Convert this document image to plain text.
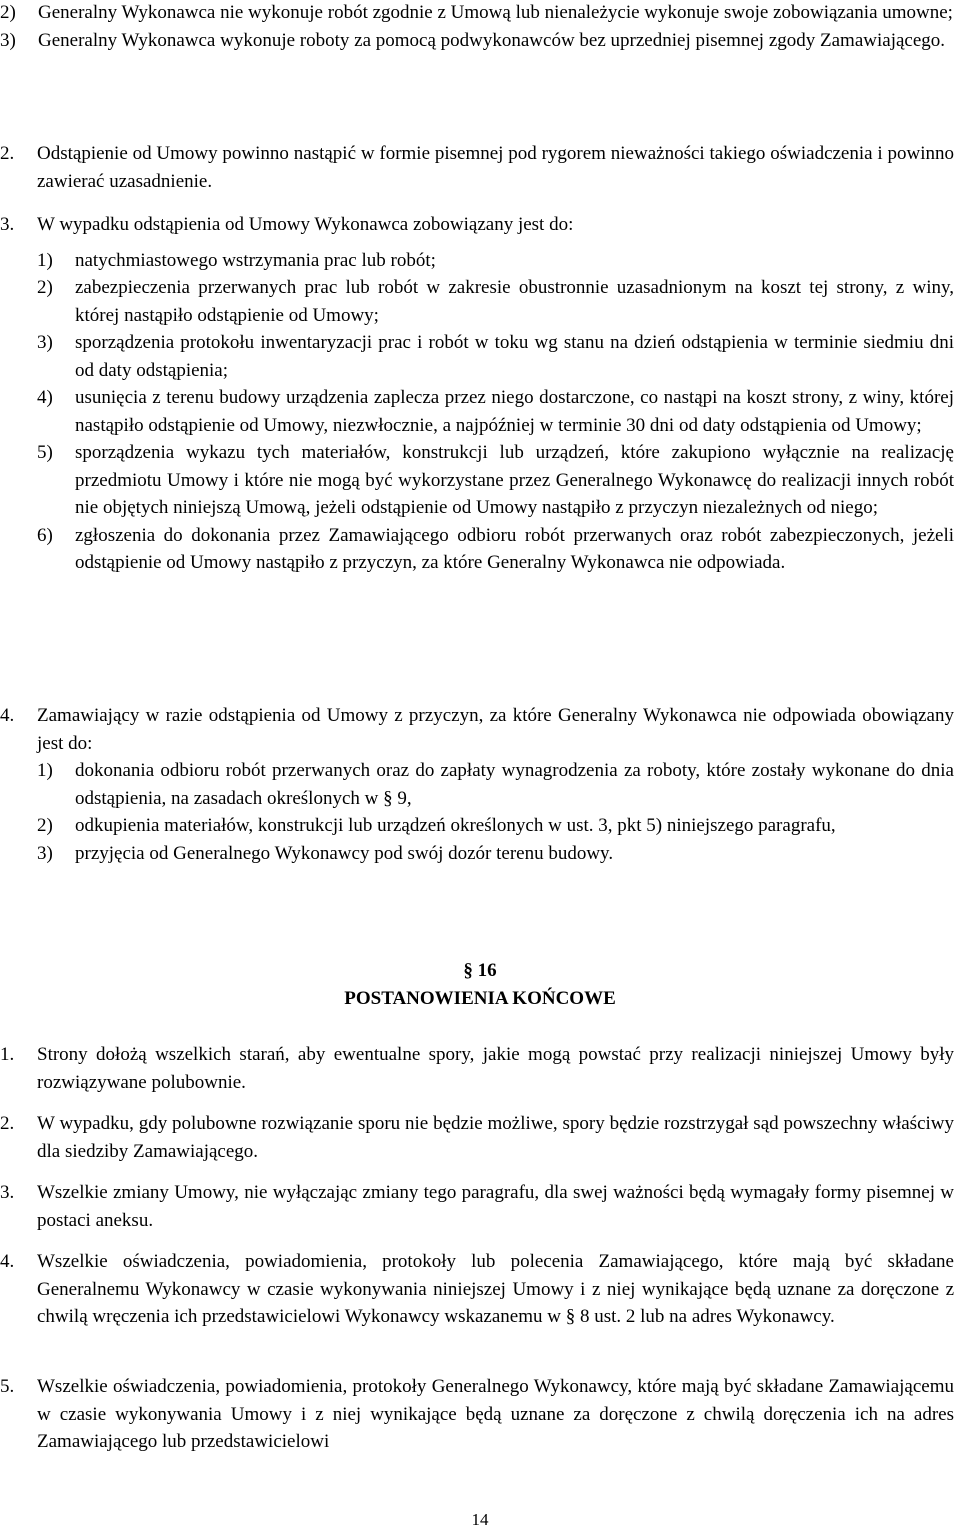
2)	Generalny Wykonawca nie wykonuje robót zgodnie z Umową lub nienależycie wykonuje swoje zobowiązania umowne;
3)	Generalny Wykonawca wykonuje roboty za pomocą podwykonawców bez uprzedniej pisemnej zgody Zamawiającego.
2.	Odstąpienie od Umowy powinno nastąpić w formie pisemnej pod rygorem nieważności takiego oświadczenia i powinno zawierać uzasadnienie.
3.	W wypadku odstąpienia od Umowy Wykonawca zobowiązany jest do:
1)	natychmiastowego wstrzymania prac lub robót;
2)	zabezpieczenia przerwanych prac lub robót w zakresie obustronnie uzasadnionym na koszt tej strony, z winy, której nastąpiło odstąpienie od Umowy;
3)	sporządzenia protokołu inwentaryzacji prac i robót w toku wg stanu na dzień odstąpienia w terminie siedmiu dni od daty odstąpienia;
4)	usunięcia z terenu budowy urządzenia zaplecza przez niego dostarczone, co nastąpi na koszt strony, z winy, której nastąpiło odstąpienie od Umowy, niezwłocznie, a najpóźniej w terminie 30 dni od daty odstąpienia od Umowy;
5)	sporządzenia wykazu tych materiałów, konstrukcji lub urządzeń, które zakupiono wyłącznie na realizację przedmiotu Umowy i które nie mogą być wykorzystane przez Generalnego Wykonawcę do realizacji innych robót nie objętych niniejszą Umową, jeżeli odstąpienie od Umowy nastąpiło z przyczyn niezależnych od niego;
6)	zgłoszenia do dokonania przez Zamawiającego odbioru robót przerwanych oraz robót zabezpieczonych, jeżeli odstąpienie od Umowy nastąpiło z przyczyn, za które Generalny Wykonawca nie odpowiada.
4.	Zamawiający w razie odstąpienia od Umowy z przyczyn, za które Generalny Wykonawca nie odpowiada obowiązany jest do:
1)	dokonania odbioru robót przerwanych oraz do zapłaty wynagrodzenia za roboty, które zostały wykonane do dnia odstąpienia, na zasadach określonych w § 9,
2)	odkupienia materiałów, konstrukcji lub urządzeń określonych w ust. 3, pkt 5) niniejszego paragrafu,
3)	przyjęcia od Generalnego Wykonawcy pod swój dozór terenu budowy.
§ 16
POSTANOWIENIA KOŃCOWE
1.	Strony dołożą wszelkich starań, aby ewentualne spory, jakie mogą powstać przy realizacji niniejszej Umowy były rozwiązywane polubownie.
2.	W wypadku, gdy polubowne rozwiązanie sporu nie będzie możliwe, spory będzie rozstrzygał sąd powszechny właściwy dla siedziby Zamawiającego.
3.	Wszelkie zmiany Umowy, nie wyłączając zmiany tego paragrafu, dla swej ważności będą wymagały formy pisemnej w postaci aneksu.
4.	Wszelkie oświadczenia, powiadomienia, protokoły lub polecenia Zamawiającego, które mają być składane Generalnemu Wykonawcy w czasie wykonywania niniejszej Umowy i z niej wynikające będą uznane za doręczone z chwilą wręczenia ich przedstawicielowi Wykonawcy wskazanemu w § 8 ust. 2 lub na adres Wykonawcy.
5.	Wszelkie oświadczenia, powiadomienia, protokoły Generalnego Wykonawcy, które mają być składane Zamawiającemu w czasie wykonywania Umowy i z niej wynikające będą uznane za doręczone z chwilą doręczenia ich na adres Zamawiającego lub przedstawicielowi
14
